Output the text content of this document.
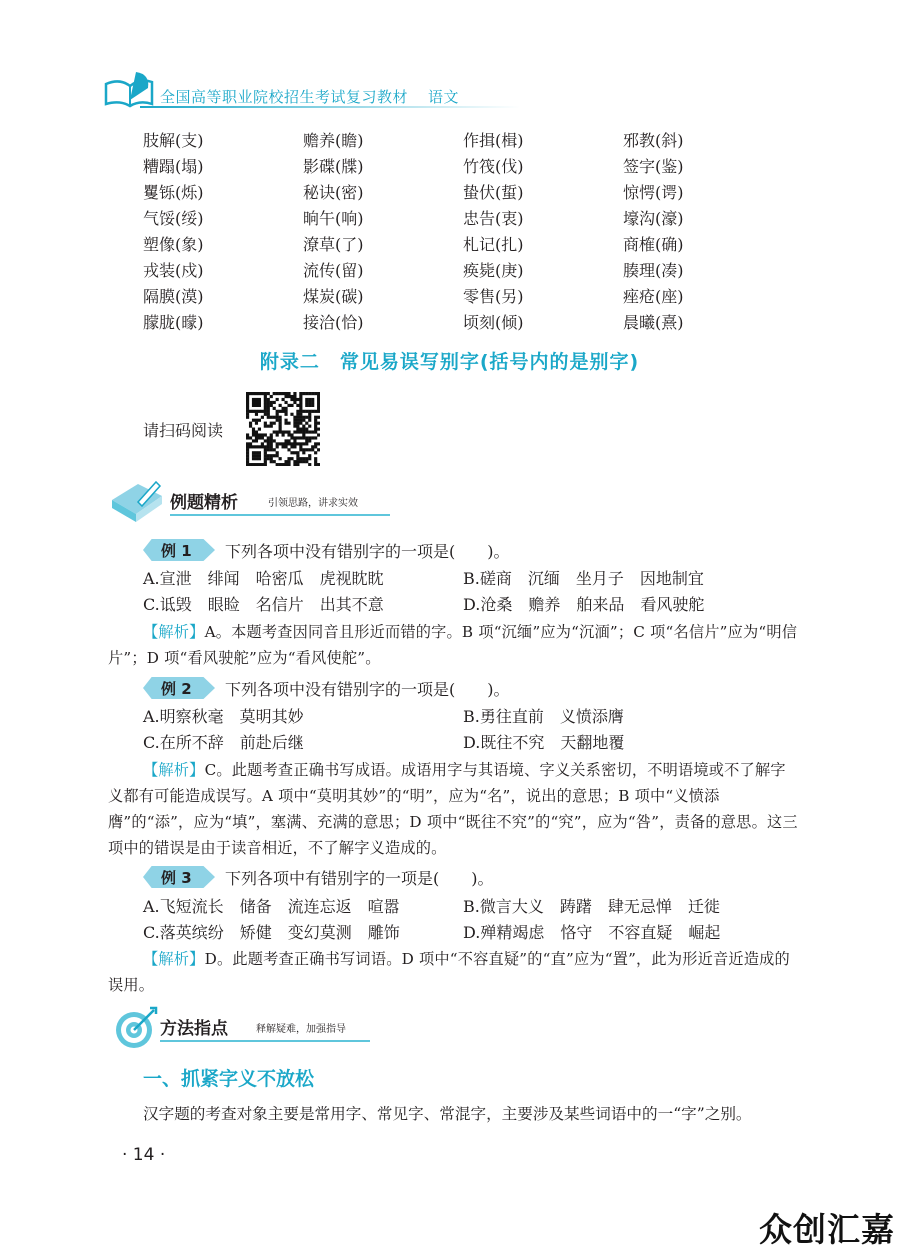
全国高等职业院校招生考试复习教材 语文
肢解(支)	赡养(瞻)	作揖(楫)	邪教(斜)
糟蹋(塌)	影碟(牒)	竹筏(伐)	签字(鉴)
矍铄(烁)	秘诀(密)	蛰伏(蜇)	惊愕(谔)
气馁(绥)	晌午(响)	忠告(衷)	壕沟(濠)
塑像(象)	潦草(了)	札记(扎)	商榷(确)
戎装(戍)	流传(留)	痪毙(庚)	腠理(凑)
隔膜(漠)	煤炭(碳)	零售(另)	痤疮(座)
朦胧(曚)	接洽(恰)	顷刻(倾)	晨曦(熹)
附录二　常见易误写别字(括号内的是别字)
请扫码阅读
例题精析	引领思路，讲求实效
例 1 下列各项中没有错别字的一项是(　　)。
A.宣泄　绯闻　哈密瓜　虎视眈眈	B.磋商　沉缅　坐月子　因地制宜
C.诋毁　眼睑　名信片　出其不意	D.沧桑　赡养　舶来品　看风驶舵
【解析】A。本题考查因同音且形近而错的字。B 项“沉缅”应为“沉湎”；C 项“名信片”应为“明信片”；D 项“看风驶舵”应为“看风使舵”。
例 2 下列各项中没有错别字的一项是(　　)。
A.明察秋毫　莫明其妙	B.勇往直前　义愤添膺
C.在所不辞　前赴后继	D.既往不究　天翻地覆
【解析】C。此题考查正确书写成语。成语用字与其语境、字义关系密切，不明语境或不了解字义都有可能造成误写。A 项中“莫明其妙”的“明”，应为“名”，说出的意思；B 项中“义愤添膺”的“添”，应为“填”，塞满、充满的意思；D 项中“既往不究”的“究”，应为“咎”，责备的意思。这三项中的错误是由于读音相近，不了解字义造成的。
例 3 下列各项中有错别字的一项是(　　)。
A.飞短流长　储备　流连忘返　喧嚣	B.微言大义　踌躇　肆无忌惮　迁徙
C.落英缤纷　矫健　变幻莫测　雕饰	D.殚精竭虑　恪守　不容直疑　崛起
【解析】D。此题考查正确书写词语。D 项中“不容直疑”的“直”应为“置”，此为形近音近造成的误用。
方法指点	释解疑难，加强指导
一、抓紧字义不放松
汉字题的考查对象主要是常用字、常见字、常混字，主要涉及某些词语中的一“字”之别。
· 14 ·
众创汇嘉
